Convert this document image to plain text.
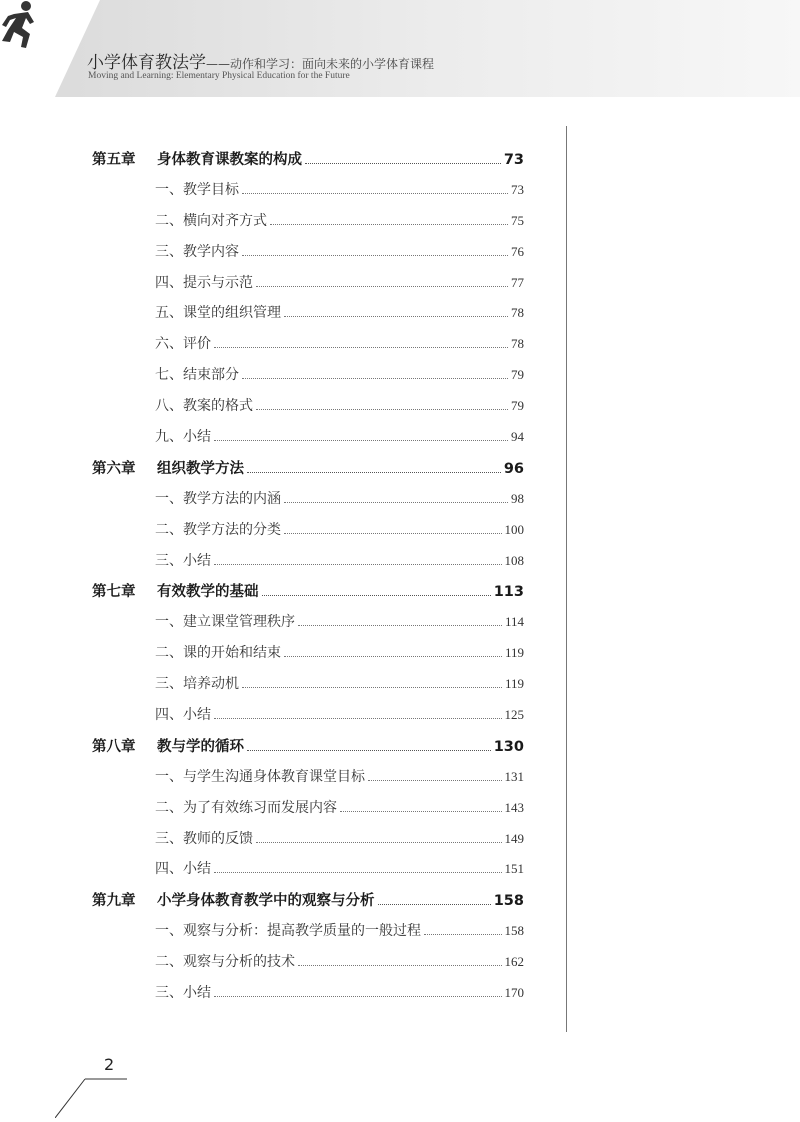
小学体育教法学——动作和学习：面向未来的小学体育课程
Moving and Learning: Elementary Physical Education for the Future
第五章	身体教育课教案的构成	73
一、教学目标	73
二、横向对齐方式	75
三、教学内容	76
四、提示与示范	77
五、课堂的组织管理	78
六、评价	78
七、结束部分	79
八、教案的格式	79
九、小结	94
第六章	组织教学方法	96
一、教学方法的内涵	98
二、教学方法的分类	100
三、小结	108
第七章	有效教学的基础	113
一、建立课堂管理秩序	114
二、课的开始和结束	119
三、培养动机	119
四、小结	125
第八章	教与学的循环	130
一、与学生沟通身体教育课堂目标	131
二、为了有效练习而发展内容	143
三、教师的反馈	149
四、小结	151
第九章	小学身体教育教学中的观察与分析	158
一、观察与分析：提高教学质量的一般过程	158
二、观察与分析的技术	162
三、小结	170
2
